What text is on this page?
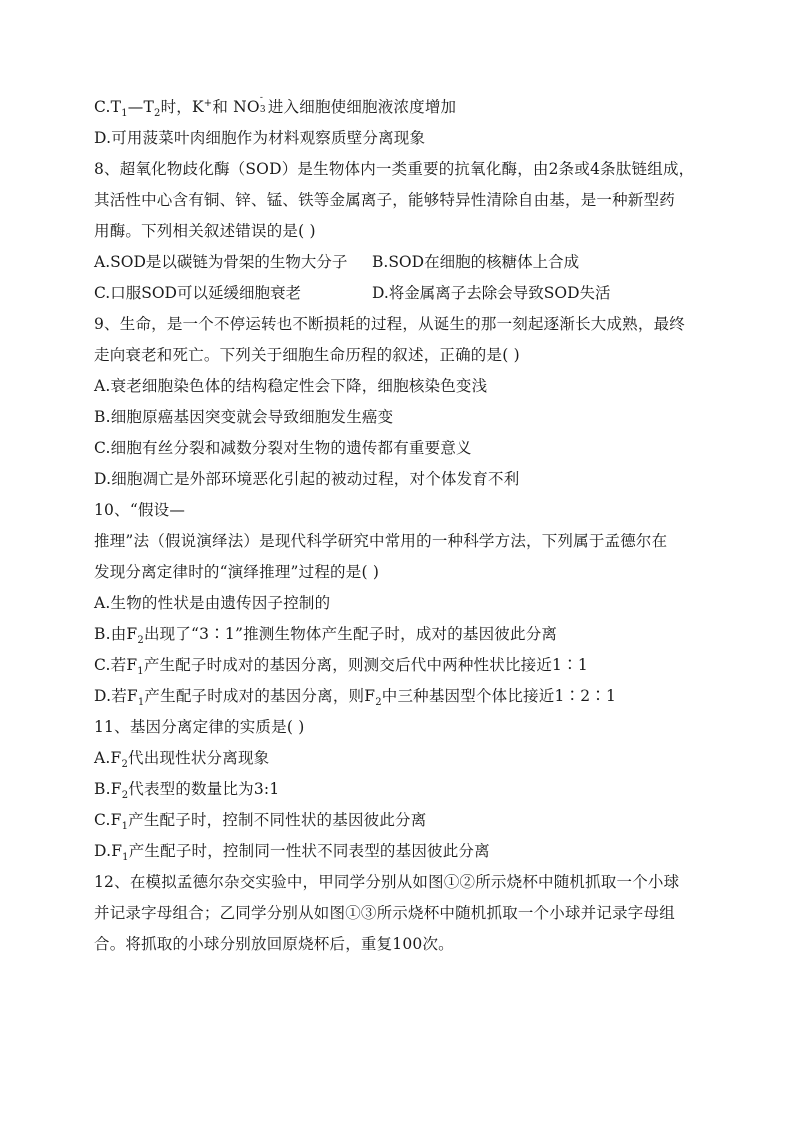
$C.T_1—T_2$时，K+和 NO -
3 进入细胞使细胞液浓度增加
D.可用菠菜叶肉细胞作为材料观察质壁分离现象
8、超氧化物歧化酶（SOD）是生物体内一类重要的抗氧化酶，由2条或4条肽链组成，
其活性中心含有铜、锌、锰、铁等金属离子，能够特异性清除自由基，是一种新型药
用酶。下列相关叙述错误的是( )
A.SOD是以碳链为骨架的生物大分子	B.SOD在细胞的核糖体上合成
C.口服SOD可以延缓细胞衰老	D.将金属离子去除会导致SOD失活
9、生命，是一个不停运转也不断损耗的过程，从诞生的那一刻起逐渐长大成熟，最终
走向衰老和死亡。下列关于细胞生命历程的叙述，正确的是( )
A.衰老细胞染色体的结构稳定性会下降，细胞核染色变浅
B.细胞原癌基因突变就会导致细胞发生癌变
C.细胞有丝分裂和减数分裂对生物的遗传都有重要意义
D.细胞凋亡是外部环境恶化引起的被动过程，对个体发育不利
10、“假设—
推理”法（假说演绎法）是现代科学研究中常用的一种科学方法，下列属于孟德尔在
发现分离定律时的“演绎推理”过程的是( )
A.生物的性状是由遗传因子控制的
B.由$F_2$出现了“3∶1”推测生物体产生配子时，成对的基因彼此分离
C.若$F_1$产生配子时成对的基因分离，则测交后代中两种性状比接近1∶1
D.若$F_1$产生配子时成对的基因分离，则$F_2$中三种基因型个体比接近1∶2∶1
11、基因分离定律的实质是( )
$A.F_2$代出现性状分离现象
$B.F_2$代表型的数量比为3:1
$C.F_1$产生配子时，控制不同性状的基因彼此分离
$D.F_1$产生配子时，控制同一性状不同表型的基因彼此分离
12、在模拟孟德尔杂交实验中，甲同学分别从如图①②所示烧杯中随机抓取一个小球
并记录字母组合；乙同学分别从如图①③所示烧杯中随机抓取一个小球并记录字母组
合。将抓取的小球分别放回原烧杯后，重复100次。
